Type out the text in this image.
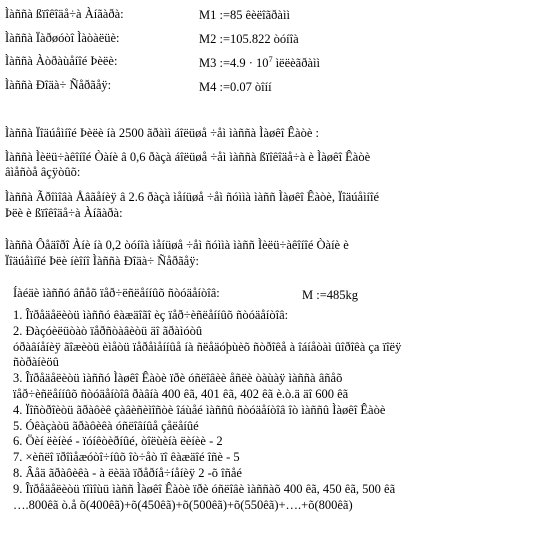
Ìàññà ßïîêîäå÷à Àíãàðà:	M1 :=85 êèëîãðàìì
Ìàññà Ïàðøóòî Ìàòàëüè:	M2 :=105.822 òóíîà
Ìàññà Àòðàùåíîé Þèëè:	M3 :=4.9 · $10^7$ ìëëèãðàìì
Ìàññà Ðîäà÷ Ñåðãåÿ:	M4 :=0.07 òîíí
Ìàññà Ïîäúåìíîé Þèëè íà 2500 ãðàìì áîëüøå ÷åì ìàññà Ìàøêî Êàòè :
Ìàññà Ìèëü÷àêîíîé Òàíè â 0,6 ðàçà áîëüøå ÷åì ìàññà ßïîêîäå÷à è Ìàøêî Êàòè
âìåñòå âçÿòûõ:
Ìàññà Ãðîìîâà Åâãåíèÿ â 2.6 ðàçà ìåíüøå ÷åì ñóììà ìàññ Ìàøêî Êàòè, Ïîäúåìíîé
Þëè è ßïîêîäå÷à Àíãàðà:
Ìàññà Ôåäîðî Àíè íà 0,2 òóíîà ìåíüøå ÷åì ñóììà ìàññ Ìèëü÷àêîíîé Òàíè è
Ïîäúåìíîé Þëè íèîíî Ìàññà Ðîäà÷ Ñåðãåÿ:
Íàéäè ìàññó âñåõ ïåð÷ëñëåííûõ ñòóäåíòîâ:	M :=485kg
1. Îïðåäåëèòü ìàññó êàæäîãî èç ïåð÷èñëåííûõ ñòóäåíòîâ:
2. Ðàçóèëüòàò ïåðñòàâèòü äî ãðàìóòû
óðàâíåíèÿ ãîæèòü èìåòü ïåðåìåííûå íà ñëåäóþùèõ ñòðîêå à îáíåòàì ûîðîêà ça ïîëÿ
ñòðàíèöû
3. Îïðåäåëèòü ìàññó Ìàøêî Êàòè ïðè óñëîâèè åñëè òàùàÿ ìàññà âñåõ
ïåð÷èñëåííûõ ñòóäåíòîâ ðàâíà 400 êã, 401 êã, 402 êã è.ò.ä äî 600 êã
4. Ïîñòðîèòü ãðàôèê çàâèñèìîñòè îáùåé ìàññû ñòóäåíòîâ îò ìàññû Ìàøêî Êàòè
5. Óêàçàòü ãðàôèêà óñëîâíûå çåëåíûé
6. Öèí ëèíèé - ïóíêòèðíûé, òîëùèíà ëèíèè - 2
7. ×èñëî ïðîìåæóòî÷íûõ îò÷åò ïî êàæäîé îñè - 5
8. Âåä ãðàôèêà - à ëèäà ïðåðíå÷íåíèÿ 2 -õ îñåé
9. Îïðåäåëèòü ïîìîùü ìàññ Ìàøêî Êàòè ïðè óñëîâè ìàññàõ 400 êã, 450 êã, 500 êã
….800êã ò.å õ(400êã)+õ(450êã)+õ(500êã)+õ(550êã)+….+õ(800êã)
